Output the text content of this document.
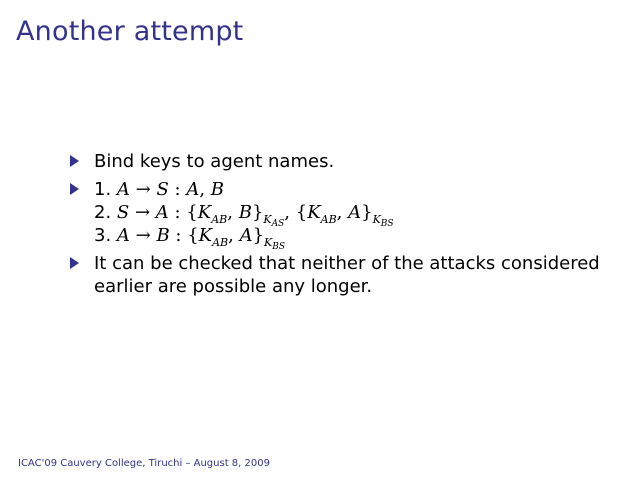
Another attempt
Bind keys to agent names.
1. A → S : A, B
2. S → A : {$K_{AB}$, $B\}_{K_{AS}}$, {$K_{AB}$, $A\}_{K_{BS}}$
3. A → B : {$K_{AB}$, $A\}_{K_{BS}}$
It can be checked that neither of the attacks considered earlier are possible any longer.
ICAC'09 Cauvery College, Tiruchi – August 8, 2009
